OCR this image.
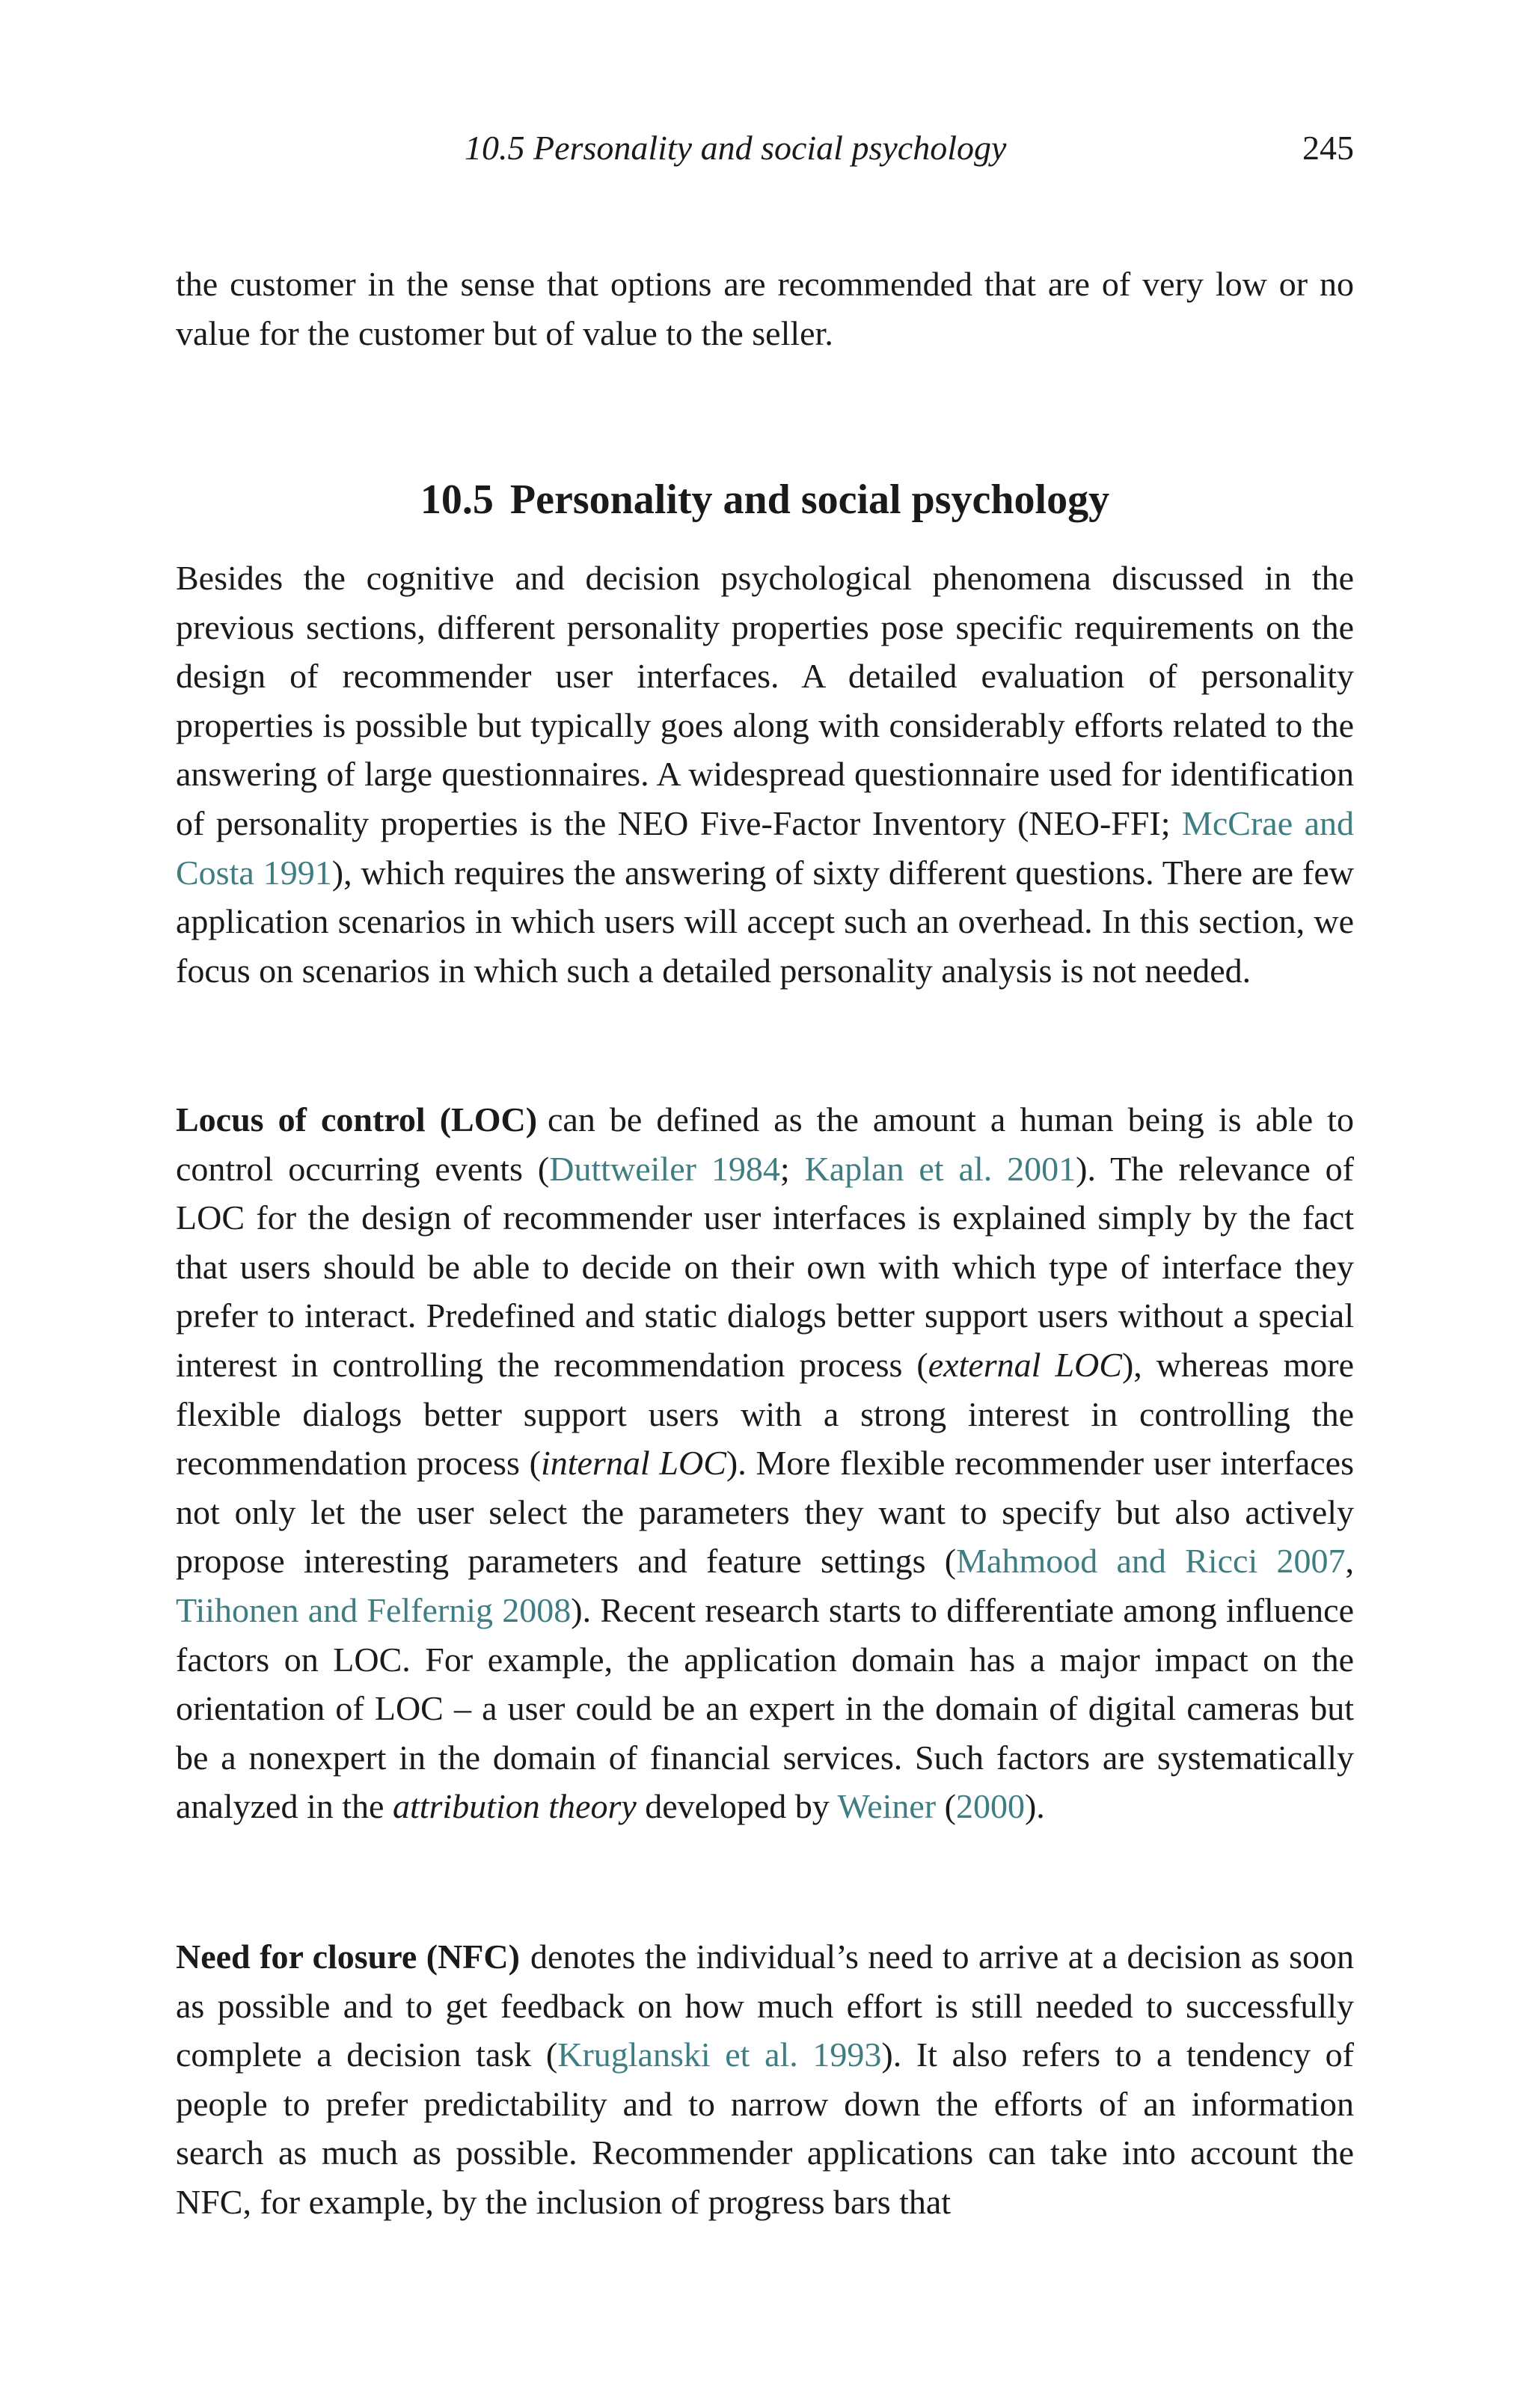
10.5 Personality and social psychology	245

the customer in the sense that options are recommended that are of very low or no value for the customer but of value to the seller.

10.5 Personality and social psychology

Besides the cognitive and decision psychological phenomena discussed in the previous sections, different personality properties pose specific requirements on the design of recommender user interfaces. A detailed evaluation of personality properties is possible but typically goes along with considerably efforts related to the answering of large questionnaires. A widespread questionnaire used for identification of personality properties is the NEO Five-Factor Inventory (NEO-FFI; McCrae and Costa 1991), which requires the answering of sixty different questions. There are few application scenarios in which users will accept such an overhead. In this section, we focus on scenarios in which such a detailed personality analysis is not needed.

Locus of control (LOC) can be defined as the amount a human being is able to control occurring events (Duttweiler 1984; Kaplan et al. 2001). The relevance of LOC for the design of recommender user interfaces is explained simply by the fact that users should be able to decide on their own with which type of interface they prefer to interact. Predefined and static dialogs better support users without a special interest in controlling the recommendation process (external LOC), whereas more flexible dialogs better support users with a strong interest in controlling the recommendation process (internal LOC). More flexible recommender user interfaces not only let the user select the parameters they want to specify but also actively propose interesting parameters and feature settings (Mahmood and Ricci 2007, Tiihonen and Felfernig 2008). Recent research starts to differentiate among influence factors on LOC. For example, the application domain has a major impact on the orientation of LOC – a user could be an expert in the domain of digital cameras but be a nonexpert in the domain of financial services. Such factors are systematically analyzed in the attribution theory developed by Weiner (2000).

Need for closure (NFC) denotes the individual’s need to arrive at a decision as soon as possible and to get feedback on how much effort is still needed to successfully complete a decision task (Kruglanski et al. 1993). It also refers to a tendency of people to prefer predictability and to narrow down the efforts of an information search as much as possible. Recommender applications can take into account the NFC, for example, by the inclusion of progress bars that
